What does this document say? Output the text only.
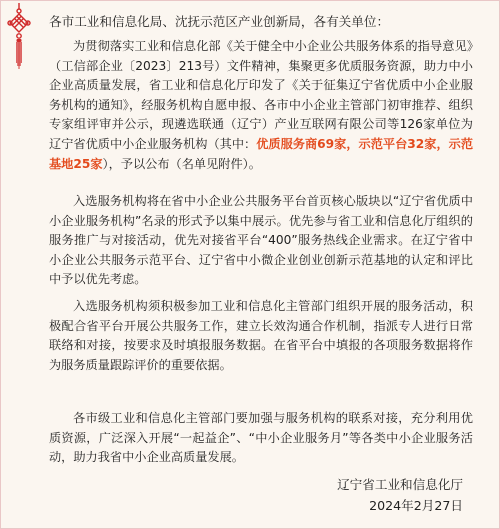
各市工业和信息化局、沈抚示范区产业创新局，各有关单位：

为贯彻落实工业和信息化部《关于健全中小企业公共服务体系的指导意见》（工信部企业〔2023〕213号）文件精神，集聚更多优质服务资源，助力中小企业高质量发展，省工业和信息化厅印发了《关于征集辽宁省优质中小企业服务机构的通知》，经服务机构自愿申报、各市中小企业主管部门初审推荐、组织专家组评审并公示，现遴选联通（辽宁）产业互联网有限公司等126家单位为辽宁省优质中小企业服务机构（其中：优质服务商69家，示范平台32家，示范基地25家），予以公布（名单见附件）。

入选服务机构将在省中小企业公共服务平台首页核心版块以“辽宁省优质中小企业服务机构”名录的形式予以集中展示。优先参与省工业和信息化厅组织的服务推广与对接活动，优先对接省平台“400”服务热线企业需求。在辽宁省中小企业公共服务示范平台、辽宁省中小微企业创业创新示范基地的认定和评比中予以优先考虑。

入选服务机构须积极参加工业和信息化主管部门组织开展的服务活动，积极配合省平台开展公共服务工作，建立长效沟通合作机制，指派专人进行日常联络和对接，按要求及时填报服务数据。在省平台中填报的各项服务数据将作为服务质量跟踪评价的重要依据。

各市级工业和信息化主管部门要加强与服务机构的联系对接，充分利用优质资源，广泛深入开展“一起益企”、“中小企业服务月”等各类中小企业服务活动，助力我省中小企业高质量发展。

辽宁省工业和信息化厅
2024年2月27日
